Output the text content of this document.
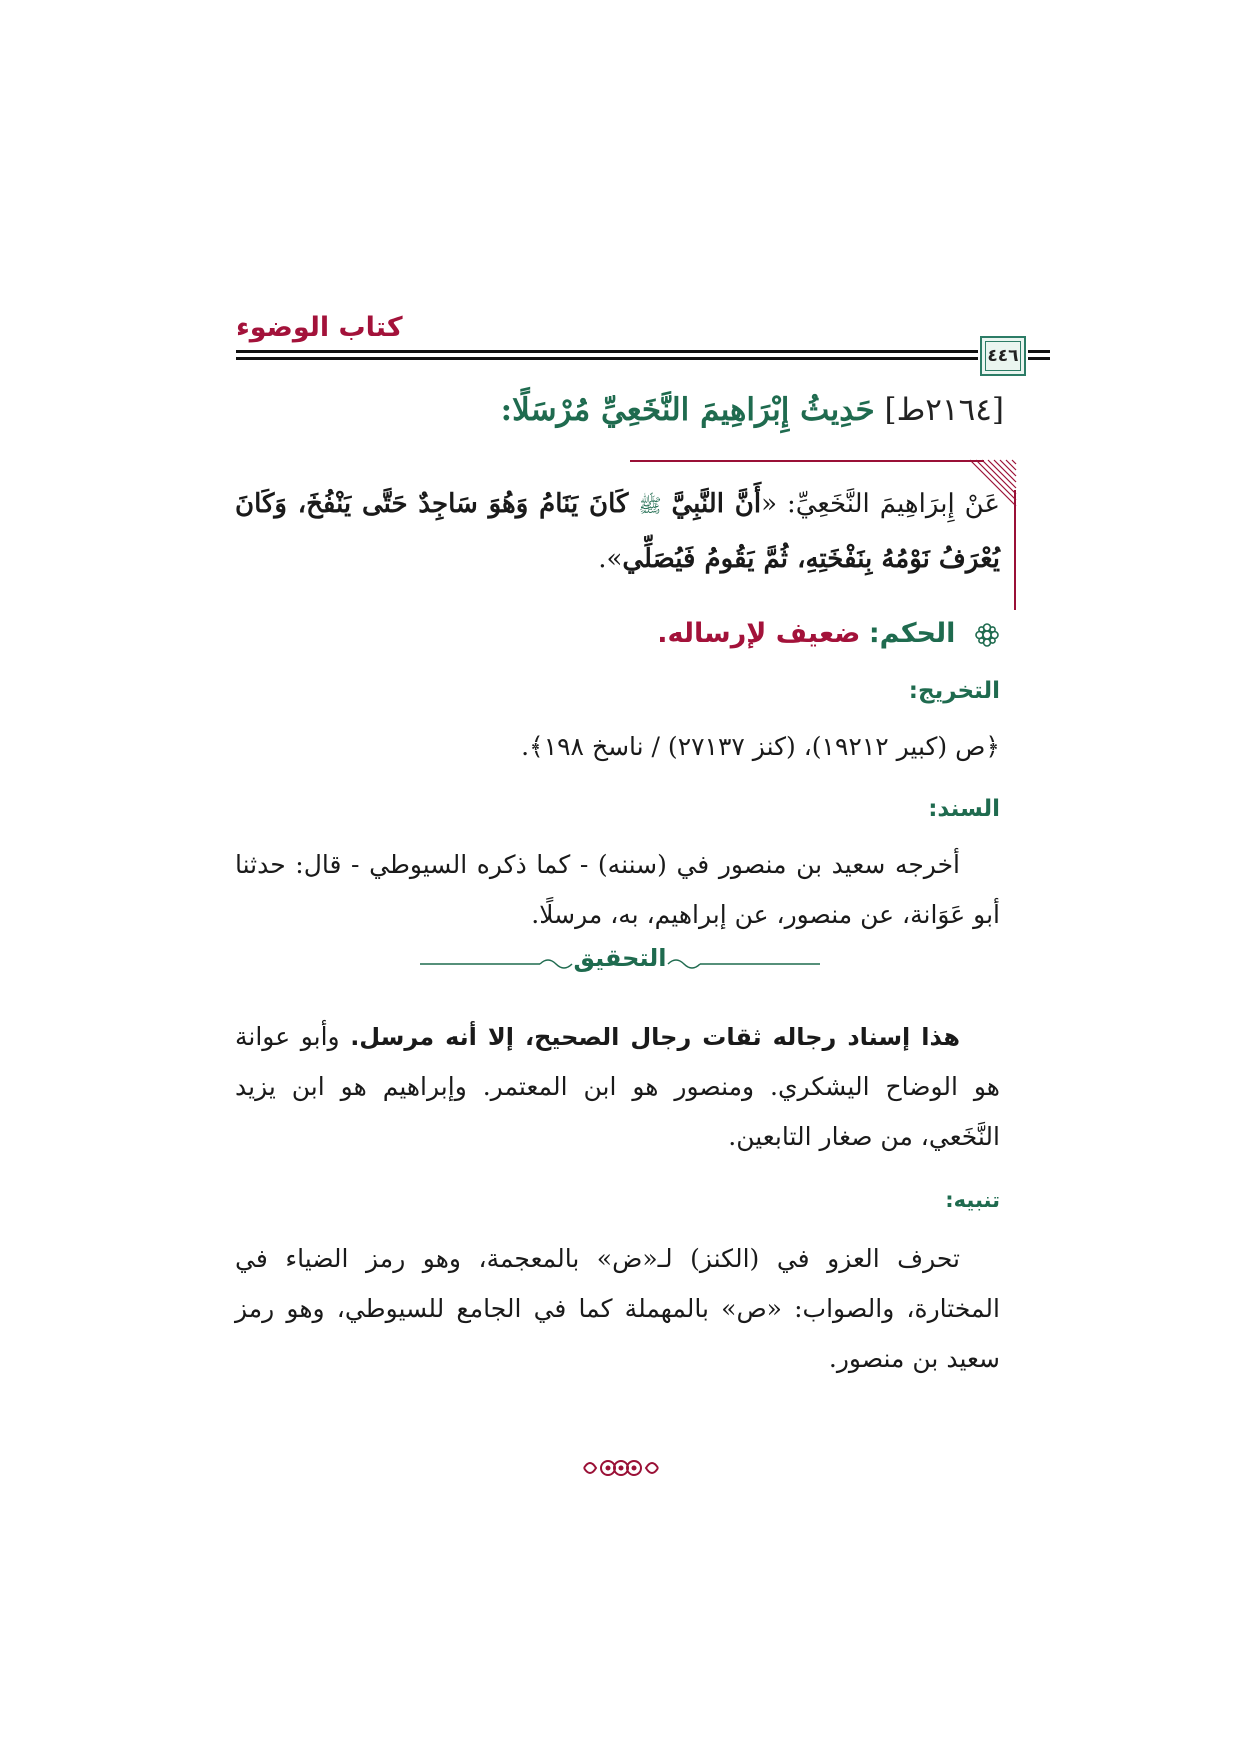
كتاب الوضوء
٤٤٦
[٢١٦٤ط] حَدِيثُ إِبْرَاهِيمَ النَّخَعِيِّ مُرْسَلًا:
عَنْ إِبرَاهِيمَ النَّخَعِيِّ: «أَنَّ النَّبِيَّ ﷺ كَانَ يَنَامُ وَهُوَ سَاجِدٌ حَتَّى يَنْفُخَ، وَكَانَ يُعْرَفُ نَوْمُهُ بِنَفْخَتِهِ، ثُمَّ يَقُومُ فَيُصَلِّي».
الحكم: ضعيف لإرساله.
التخريج:
﴿ص (كبير ١٩٢١٢)، (كنز ٢٧١٣٧) / ناسخ ١٩٨﴾.
السند:
أخرجه سعيد بن منصور في (سننه) - كما ذكره السيوطي - قال: حدثنا أبو عَوَانة، عن منصور، عن إبراهيم، به، مرسلًا.
التحقيق
هذا إسناد رجاله ثقات رجال الصحيح، إلا أنه مرسل. وأبو عوانة هو الوضاح اليشكري. ومنصور هو ابن المعتمر. وإبراهيم هو ابن يزيد النَّخَعي، من صغار التابعين.
تنبيه:
تحرف العزو في (الكنز) لـ«ض» بالمعجمة، وهو رمز الضياء في المختارة، والصواب: «ص» بالمهملة كما في الجامع للسيوطي، وهو رمز سعيد بن منصور.
